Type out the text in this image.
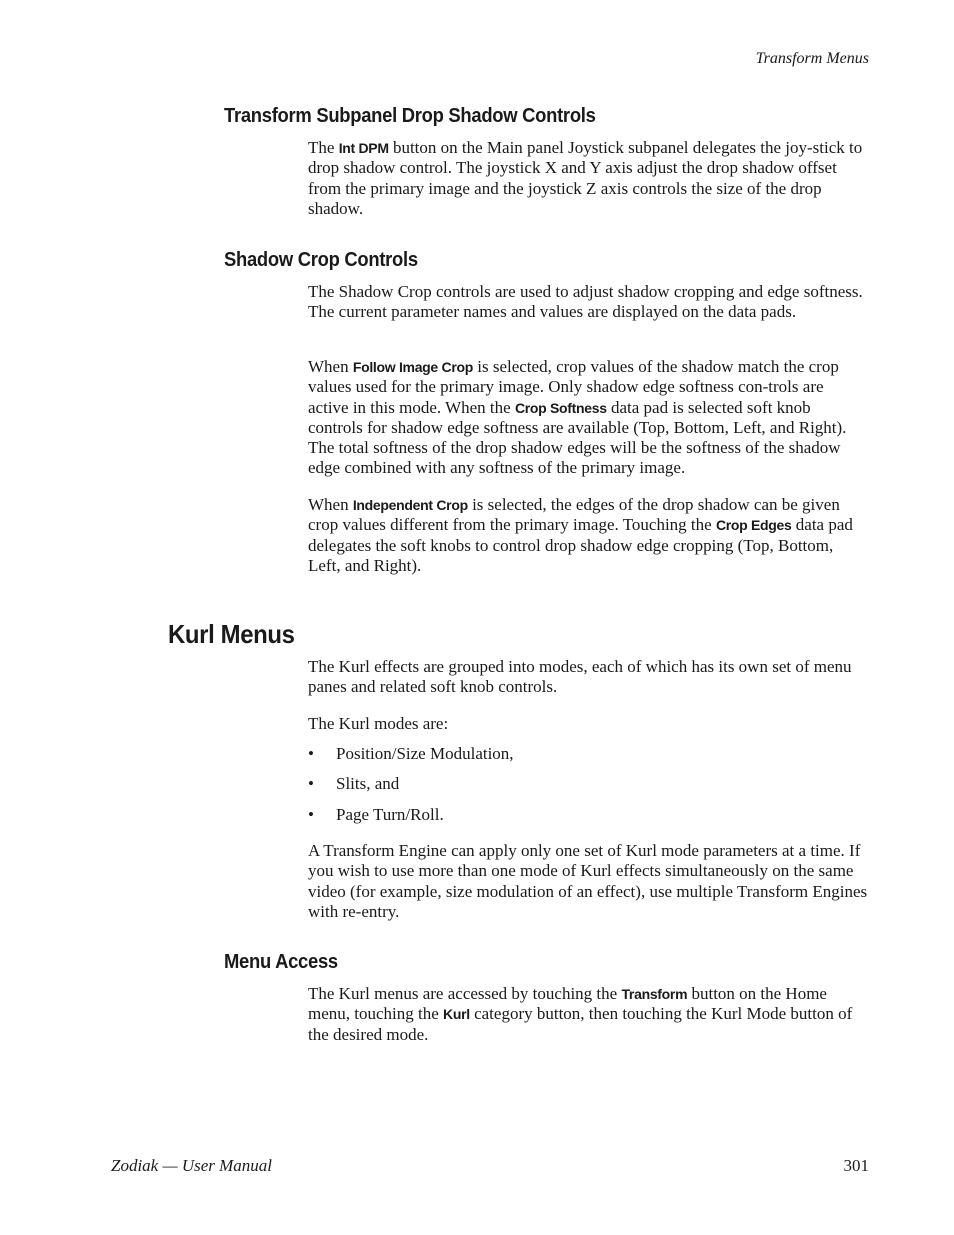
Transform Menus
Transform Subpanel Drop Shadow Controls

The Int DPM button on the Main panel Joystick subpanel delegates the joy-stick to drop shadow control. The joystick X and Y axis adjust the drop shadow offset from the primary image and the joystick Z axis controls the size of the drop shadow.

Shadow Crop Controls

The Shadow Crop controls are used to adjust shadow cropping and edge softness. The current parameter names and values are displayed on the data pads.

When Follow Image Crop is selected, crop values of the shadow match the crop values used for the primary image. Only shadow edge softness con-trols are active in this mode. When the Crop Softness data pad is selected soft knob controls for shadow edge softness are available (Top, Bottom, Left, and Right). The total softness of the drop shadow edges will be the softness of the shadow edge combined with any softness of the primary image.

When Independent Crop is selected, the edges of the drop shadow can be given crop values different from the primary image. Touching the Crop Edges data pad delegates the soft knobs to control drop shadow edge cropping (Top, Bottom, Left, and Right).

Kurl Menus

The Kurl effects are grouped into modes, each of which has its own set of menu panes and related soft knob controls.

The Kurl modes are:

• Position/Size Modulation,
• Slits, and
• Page Turn/Roll.

A Transform Engine can apply only one set of Kurl mode parameters at a time. If you wish to use more than one mode of Kurl effects simultaneously on the same video (for example, size modulation of an effect), use multiple Transform Engines with re-entry.

Menu Access

The Kurl menus are accessed by touching the Transform button on the Home menu, touching the Kurl category button, then touching the Kurl Mode button of the desired mode.

Zodiak — User Manual	301
